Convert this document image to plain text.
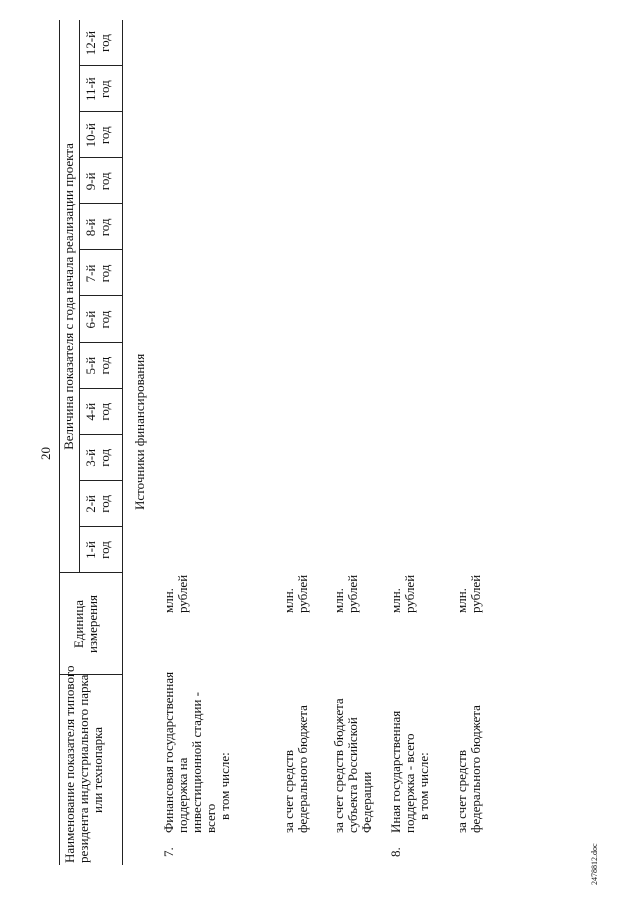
20
Наименование показателя типового резидента индустриального парка или технопарка
Единица измерения
Величина показателя с года начала реализации проекта
1-й год
2-й год
3-й год
4-й год
5-й год
6-й год
7-й год
8-й год
9-й год
10-й год
11-й год
12-й год
Источники финансирования
7.
Финансовая государственная поддержка на инвестиционной стадии - всего в том числе:
млн. рублей
за счет средств федерального бюджета
млн. рублей
за счет средств бюджета субъекта Российской Федерации
млн. рублей
8.
Иная государственная поддержка - всего в том числе:
млн. рублей
за счет средств федерального бюджета
млн. рублей
2478812.doc
